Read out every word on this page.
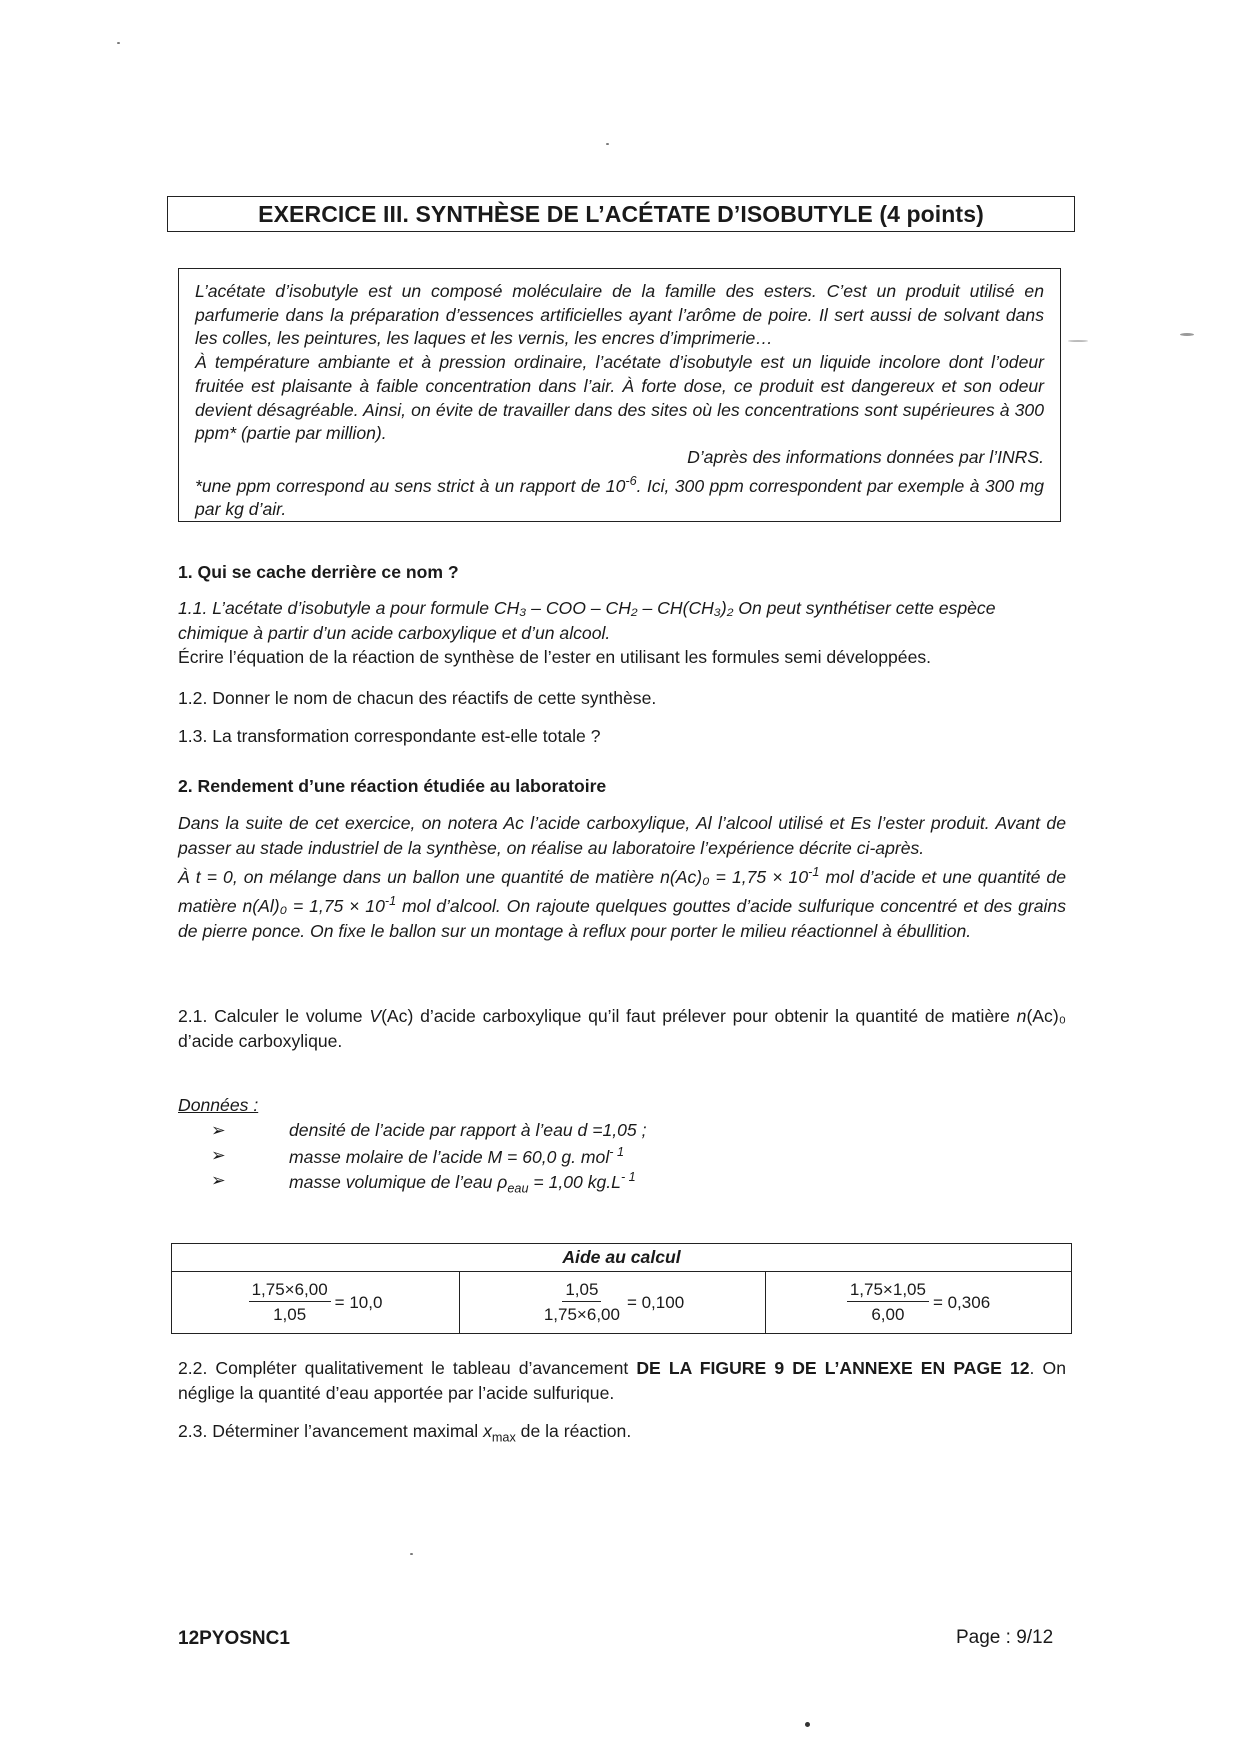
EXERCICE III. SYNTHÈSE DE L’ACÉTATE D’ISOBUTYLE (4 points)

L’acétate d’isobutyle est un composé moléculaire de la famille des esters. C’est un produit utilisé en parfumerie dans la préparation d’essences artificielles ayant l’arôme de poire. Il sert aussi de solvant dans les colles, les peintures, les laques et les vernis, les encres d’imprimerie…

À température ambiante et à pression ordinaire, l’acétate d’isobutyle est un liquide incolore dont l’odeur fruitée est plaisante à faible concentration dans l’air. À forte dose, ce produit est dangereux et son odeur devient désagréable. Ainsi, on évite de travailler dans des sites où les concentrations sont supérieures à 300 ppm* (partie par million).

D’après des informations données par l’INRS.

*une ppm correspond au sens strict à un rapport de $10^{-6}$. Ici, 300 ppm correspondent par exemple à 300 mg par kg d’air.

1. Qui se cache derrière ce nom ?

1.1. L’acétate d’isobutyle a pour formule CH₃ – COO – CH₂ – CH(CH₃)₂ On peut synthétiser cette espèce chimique à partir d’un acide carboxylique et d’un alcool.

Écrire l’équation de la réaction de synthèse de l’ester en utilisant les formules semi développées.

1.2. Donner le nom de chacun des réactifs de cette synthèse.
1.3. La transformation correspondante est-elle totale ?
2. Rendement d’une réaction étudiée au laboratoire

Dans la suite de cet exercice, on notera Ac l’acide carboxylique, Al l’alcool utilisé et Es l’ester produit. Avant de passer au stade industriel de la synthèse, on réalise au laboratoire l’expérience décrite ci-après.

À t = 0, on mélange dans un ballon une quantité de matière $n(Ac)_0 = 1,75 \times 10^{-1}$ mol d’acide et une quantité de matière $n(Al)_0 = 1,75 \times 10^{-1}$ mol d’alcool. On rajoute quelques gouttes d’acide sulfurique concentré et des grains de pierre ponce. On fixe le ballon sur un montage à reflux pour porter le milieu réactionnel à ébullition.

2.1. Calculer le volume V(Ac) d’acide carboxylique qu’il faut prélever pour obtenir la quantité de matière n(Ac)₀ d’acide carboxylique.

Données :
➢	densité de l’acide par rapport à l’eau d =1,05 ;
➢	masse molaire de l’acide M = 60,0 g. mol$^{- 1}$
➢	masse volumique de l’eau $\rho_{eau} = 1,00$ $kg.L^{- 1}$
Aide au calcul
$\frac{1,75\times 6,00}{1,05} = 10,0$	$\frac{1,05}{1,75\times 6,00} = 0,100$	$\frac{1,75\times 1,05}{6,00} = 0,306$

2.2. Compléter qualitativement le tableau d’avancement DE LA FIGURE 9 DE L’ANNEXE EN PAGE 12. On néglige la quantité d’eau apportée par l’acide sulfurique.

2.3. Déterminer l’avancement maximal $x_{max}$ de la réaction.

12PYOSNC1	Page : 9/12
